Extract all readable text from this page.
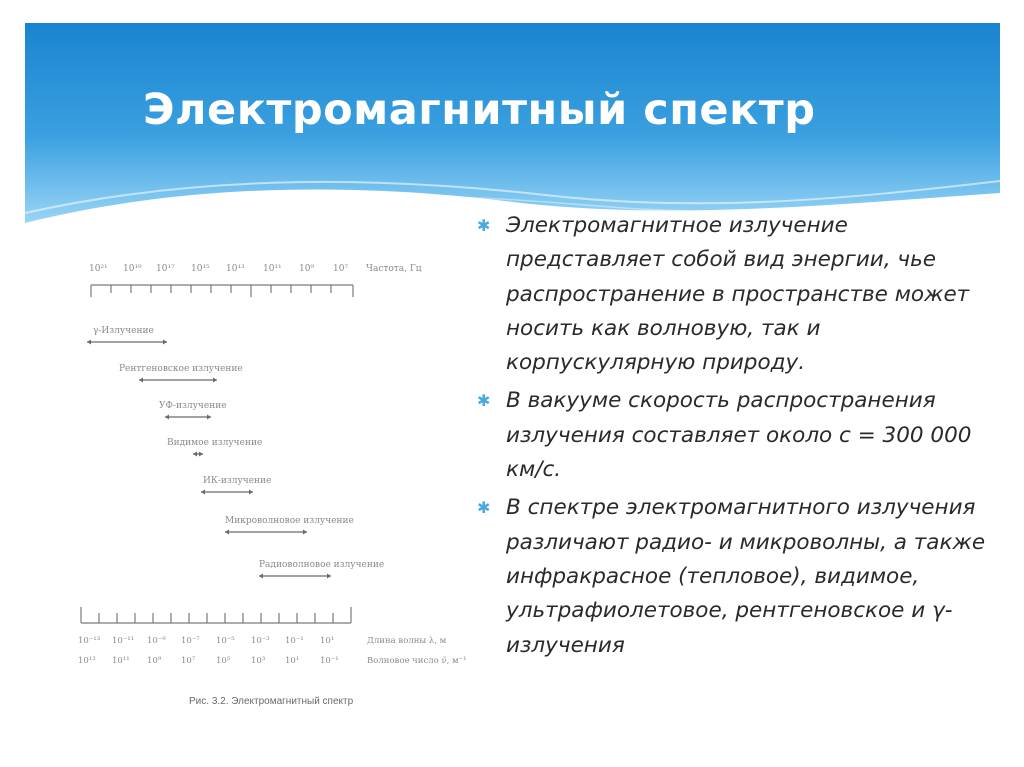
Электромагнитный спектр
10²¹ 10¹⁹ 10¹⁷ 10¹⁵ 10¹³ 10¹¹ 10⁹ 10⁷ Частота, Гц
γ-Излучение
Рентгеновское излучение
УФ-излучение
Видимое излучение
ИК-излучение
Микроволновое излучение
Радиоволновое излучение
10⁻¹³ 10⁻¹¹ 10⁻⁹ 10⁻⁷ 10⁻⁵ 10⁻³ 10⁻¹ 10¹
10¹³ 10¹¹ 10⁹ 10⁷ 10⁵ 10³ 10¹ 10⁻¹
Длина волны λ, м
Волновое число ν̃, м⁻¹
Рис. 3.2. Электромагнитный спектр
✱ Электромагнитное излучение представляет собой вид энергии, чье распространение в пространстве может носить как волновую, так и корпускулярную природу.
✱ В вакууме скорость распространения излучения составляет около с = 300 000 км/с.
✱ В спектре электромагнитного излучения различают радио- и микроволны, а также инфракрасное (тепловое), видимое, ультрафиолетовое, рентгеновское и γ-излучения
